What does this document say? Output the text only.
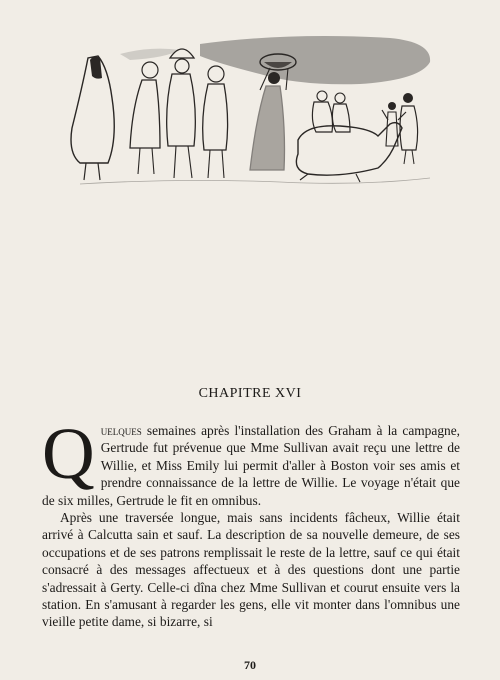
CHAPITRE XVI

Quelques semaines après l'installation des Graham à la campagne, Gertrude fut prévenue que Mme Sullivan avait reçu une lettre de Willie, et Miss Emily lui permit d'aller à Boston voir ses amis et prendre connaissance de la lettre de Willie. Le voyage n'était que de six milles, Gertrude le fit en omnibus.

Après une traversée longue, mais sans incidents fâcheux, Willie était arrivé à Calcutta sain et sauf. La description de sa nouvelle demeure, de ses occupations et de ses patrons remplissait le reste de la lettre, sauf ce qui était consacré à des messages affectueux et à des questions dont une partie s'adressait à Gerty. Celle-ci dîna chez Mme Sullivan et courut ensuite vers la station. En s'amusant à regarder les gens, elle vit monter dans l'omnibus une vieille petite dame, si bizarre, si

70
